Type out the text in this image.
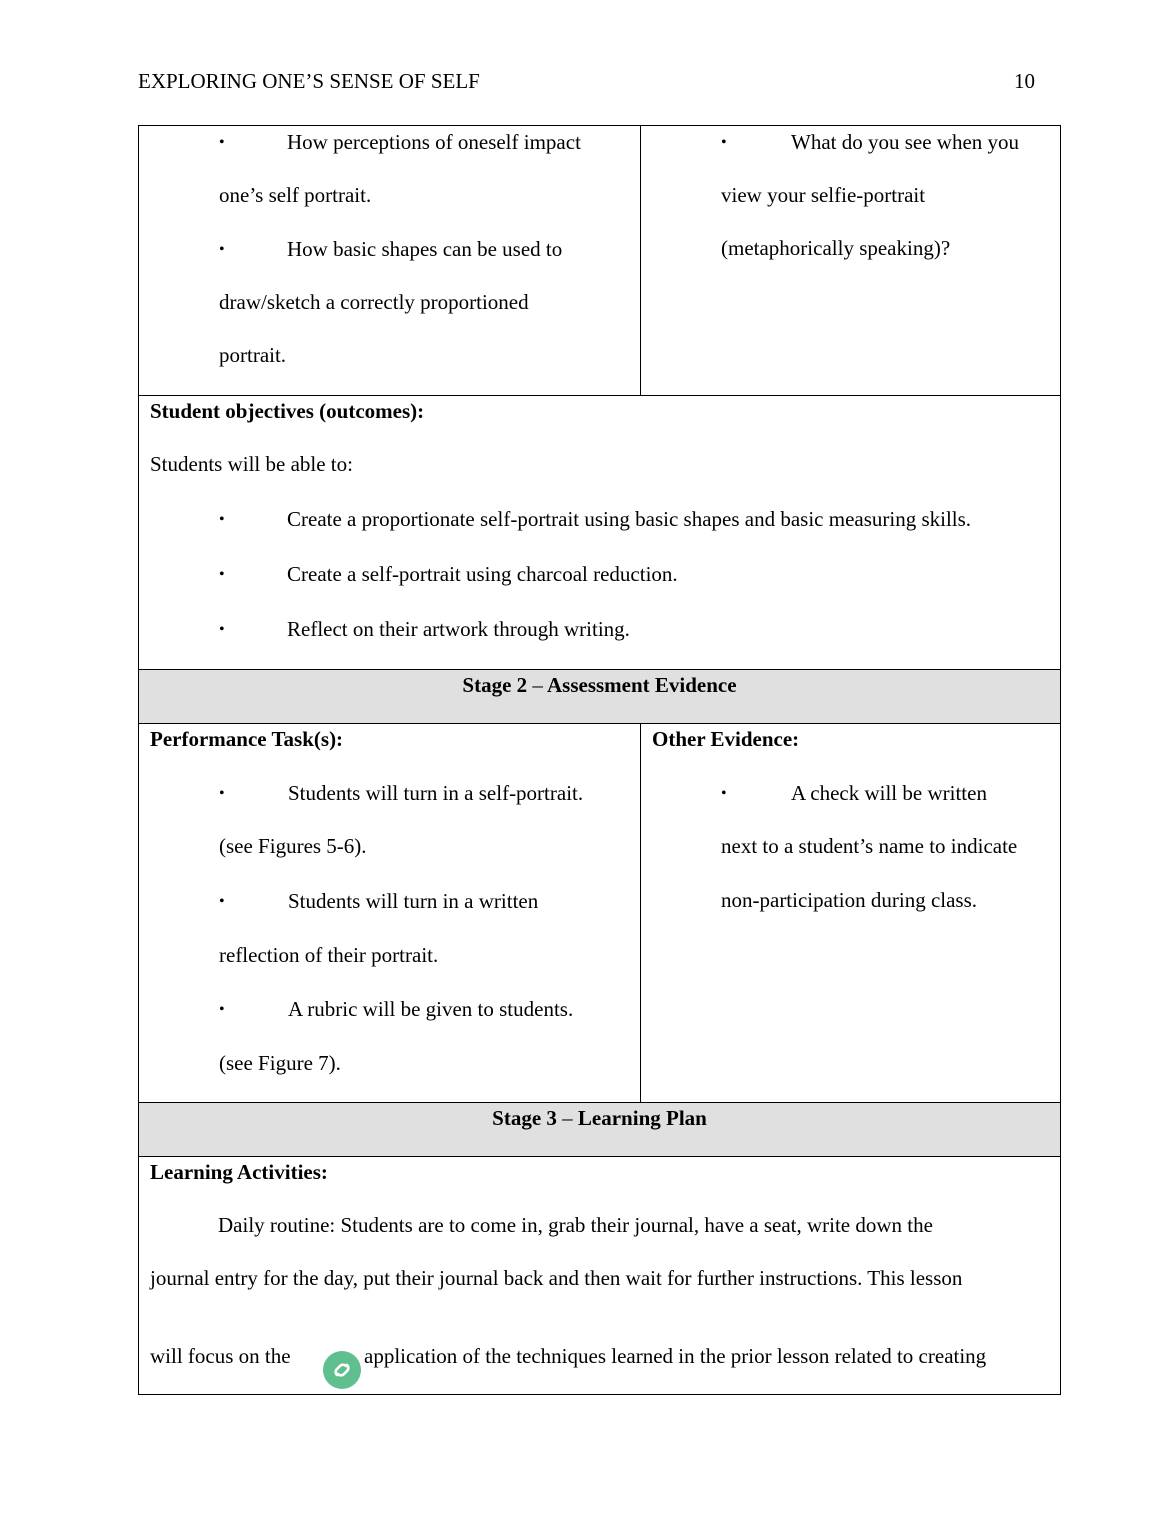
EXPLORING ONE’S SENSE OF SELF	10
•	How perceptions of oneself impact
one’s self portrait.
•	How basic shapes can be used to
draw/sketch a correctly proportioned
portrait.
•	What do you see when you
view your selfie-portrait
(metaphorically speaking)?
Student objectives (outcomes):
Students will be able to:
•	Create a proportionate self-portrait using basic shapes and basic measuring skills.
•	Create a self-portrait using charcoal reduction.
•	Reflect on their artwork through writing.
Stage 2 – Assessment Evidence
Performance Task(s):
•	Students will turn in a self-portrait.
(see Figures 5-6).
•	Students will turn in a written
reflection of their portrait.
•	A rubric will be given to students.
(see Figure 7).
Other Evidence:
•	A check will be written
next to a student’s name to indicate
non-participation during class.
Stage 3 – Learning Plan
Learning Activities:
Daily routine: Students are to come in, grab their journal, have a seat, write down the
journal entry for the day, put their journal back and then wait for further instructions. This lesson
will focus on the	application of the techniques learned in the prior lesson related to creating
